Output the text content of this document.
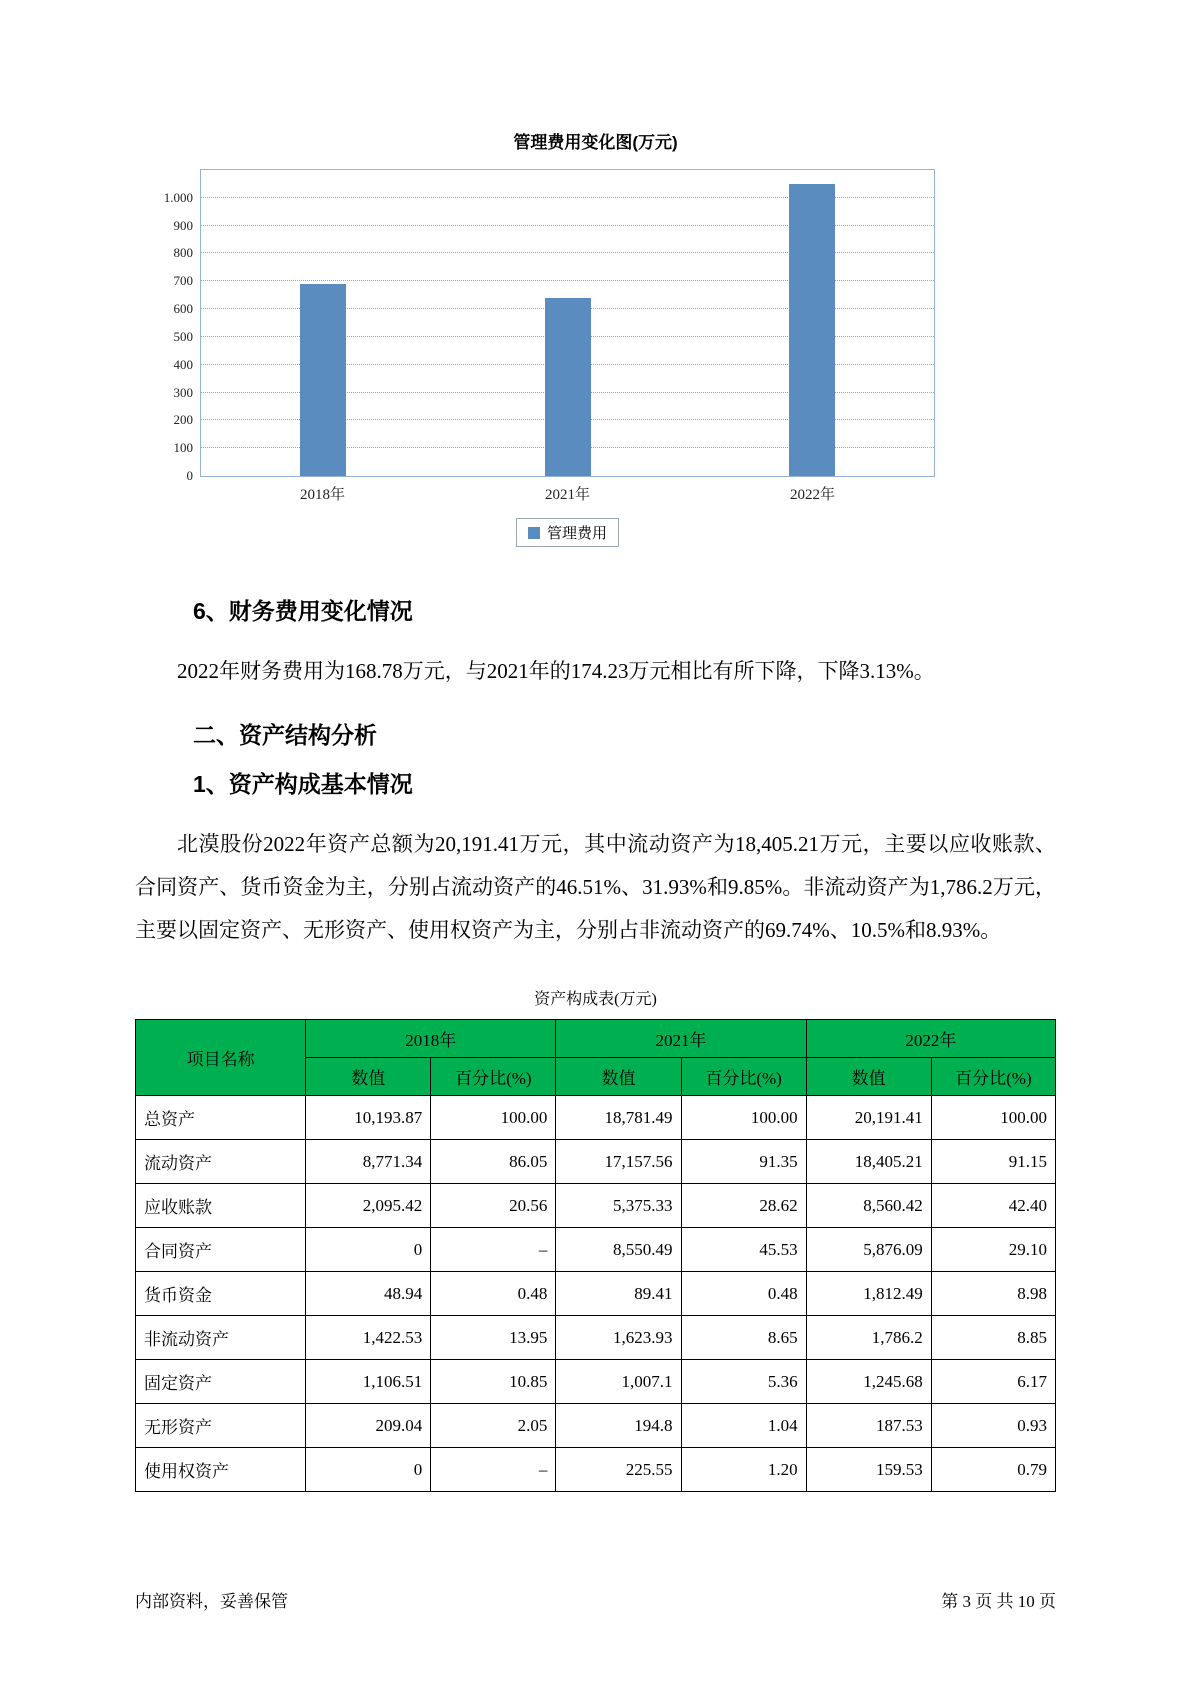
管理费用变化图(万元)
0
100
200
300
400
500
600
700
800
900
1.000
2018年	2021年	2022年
管理费用
6、财务费用变化情况

2022年财务费用为168.78万元，与2021年的174.23万元相比有所下降，下降3.13%。

二、资产结构分析
1、资产构成基本情况

北漠股份2022年资产总额为20,191.41万元，其中流动资产为18,405.21万元，主要以应收账款、合同资产、货币资金为主，分别占流动资产的46.51%、31.93%和9.85%。非流动资产为1,786.2万元，主要以固定资产、无形资产、使用权资产为主，分别占非流动资产的69.74%、10.5%和8.93%。

资产构成表(万元)
项目名称	2018年		2021年		2022年	
	数值	百分比(%)	数值	百分比(%)	数值	百分比(%)
总资产	10,193.87	100.00	18,781.49	100.00	20,191.41	100.00
流动资产	8,771.34	86.05	17,157.56	91.35	18,405.21	91.15
应收账款	2,095.42	20.56	5,375.33	28.62	8,560.42	42.40
合同资产	0	–	8,550.49	45.53	5,876.09	29.10
货币资金	48.94	0.48	89.41	0.48	1,812.49	8.98
非流动资产	1,422.53	13.95	1,623.93	8.65	1,786.2	8.85
固定资产	1,106.51	10.85	1,007.1	5.36	1,245.68	6.17
无形资产	209.04	2.05	194.8	1.04	187.53	0.93
使用权资产	0	–	225.55	1.20	159.53	0.79
内部资料，妥善保管	第 3 页 共 10 页
